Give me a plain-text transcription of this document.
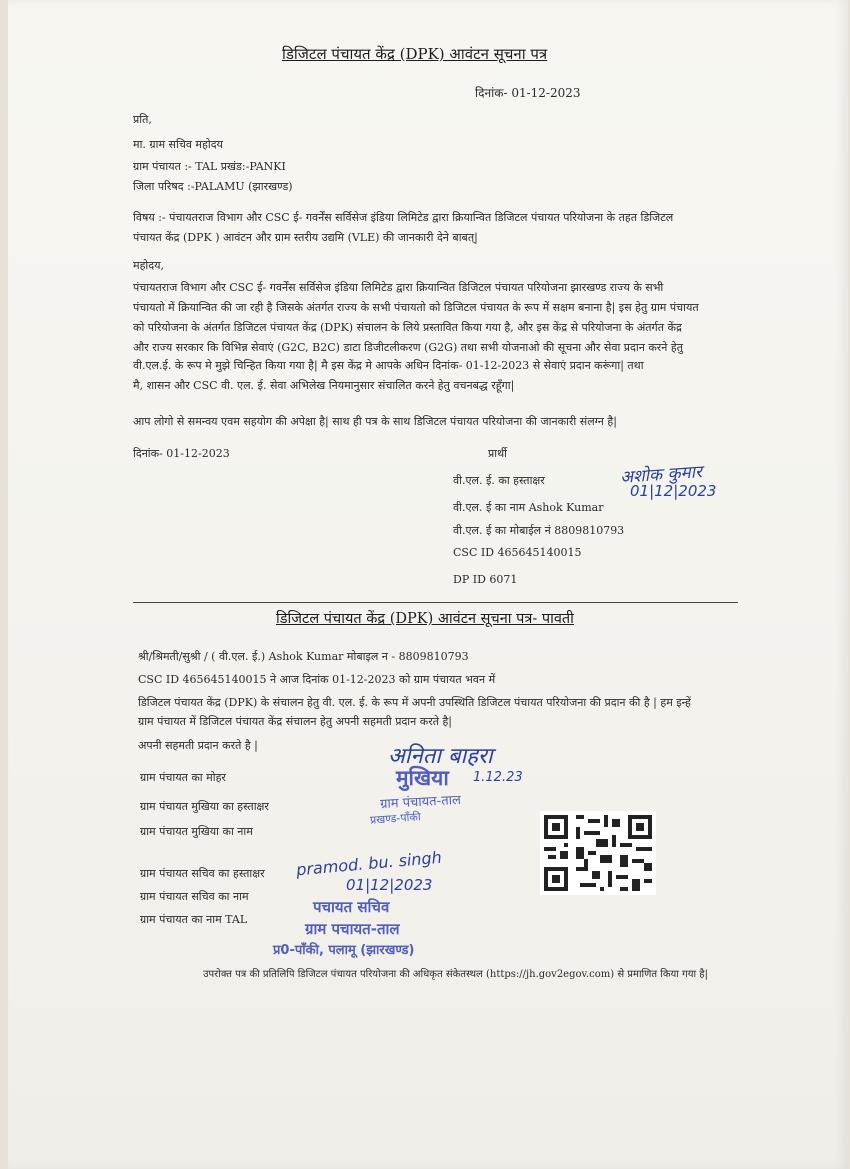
डिजिटल पंचायत केंद्र (DPK) आवंटन सूचना पत्र
दिनांक- 01-12-2023
प्रति,
मा. ग्राम सचिव महोदय
ग्राम पंचायत :- TAL प्रखंड:-PANKI
जिला परिषद :-PALAMU (झारखण्ड)
विषय :- पंचायतराज विभाग और CSC ई- गवर्नेंस सर्विसेज इंडिया लिमिटेड द्वारा क्रियान्वित डिजिटल पंचायत परियोजना के तहत डिजिटल
पंचायत केंद्र (DPK ) आवंटन और ग्राम स्तरीय उद्यमि (VLE) की जानकारी देने बाबत्|
महोदय,
पंचायतराज विभाग और CSC ई- गवर्नेंस सर्विसेज इंडिया लिमिटेड द्वारा क्रियान्वित डिजिटल पंचायत परियोजना झारखण्ड राज्य के सभी
पंचायतो में क्रियान्वित की जा रही है जिसके अंतर्गत राज्य के सभी पंचायतो को डिजिटल पंचायत के रूप में सक्षम बनाना है| इस हेतु ग्राम पंचायत
को परियोजना के अंतर्गत डिजिटल पंचायत केंद्र (DPK) संचालन के लिये प्रस्तावित किया गया है, और इस केंद्र से परियोजना के अंतर्गत केंद्र
और राज्य सरकार कि विभिन्न सेवाएं (G2C, B2C) डाटा डिजीटलीकरण (G2G) तथा सभी योजनाओ की सूचना और सेवा प्रदान करने हेतु
वी.एल.ई. के रूप मे मुझे चिन्हित किया गया है| मै इस केंद्र मे आपके अधिन दिनांक- 01-12-2023 से सेवाएं प्रदान करूंगा| तथा
मै, शासन और CSC वी. एल. ई. सेवा अभिलेख नियमानुसार संचालित करने हेतु वचनबद्ध रहूँगा|
आप लोगो से समन्वय एवम सहयोग की अपेक्षा है| साथ ही पत्र के साथ डिजिटल पंचायत परियोजना की जानकारी संलग्न है|
दिनांक- 01-12-2023	प्रार्थी
वी.एल. ई. का हस्ताक्षर
वी.एल. ई का नाम Ashok Kumar
वी.एल. ई का मोबाईल नं 8809810793
CSC ID 465645140015
DP ID 6071
अशोक कुमार
01|12|2023
डिजिटल पंचायत केंद्र (DPK) आवंटन सूचना पत्र- पावती
श्री/श्रिमती/सुश्री / ( वी.एल. ई.) Ashok Kumar मोबाइल न - 8809810793
CSC ID 465645140015 ने आज दिनांक 01-12-2023 को ग्राम पंचायत भवन में
डिजिटल पंचायत केंद्र (DPK) के संचालन हेतु वी. एल. ई. के रूप में अपनी उपस्थिति डिजिटल पंचायत परियोजना की प्रदान की है | हम इन्हें
ग्राम पंचायत में डिजिटल पंचायत केंद्र संचालन हेतु अपनी सहमती प्रदान करते है|
अपनी सहमती प्रदान करते है |
ग्राम पंचायत का मोहर
ग्राम पंचायत मुखिया का हस्ताक्षर
ग्राम पंचायत मुखिया का नाम
ग्राम पंचायत सचिव का हस्ताक्षर
ग्राम पंचायत सचिव का नाम
ग्राम पंचायत का नाम TAL
अनिता बाहरा
मुखिया 1.12.23
ग्राम पंचायत-ताल
प्रखण्ड-पाँकी
pramod. bu. singh
01|12|2023
पचायत सचिव
ग्राम पचायत-ताल
प्र0-पाँकी, पलामू (झारखण्ड)
उपरोक्त पत्र की प्रतिलिपि डिजिटल पंचायत परियोजना की अधिकृत संकेतस्थल (https://jh.gov2egov.com) से प्रमाणित किया गया है|
